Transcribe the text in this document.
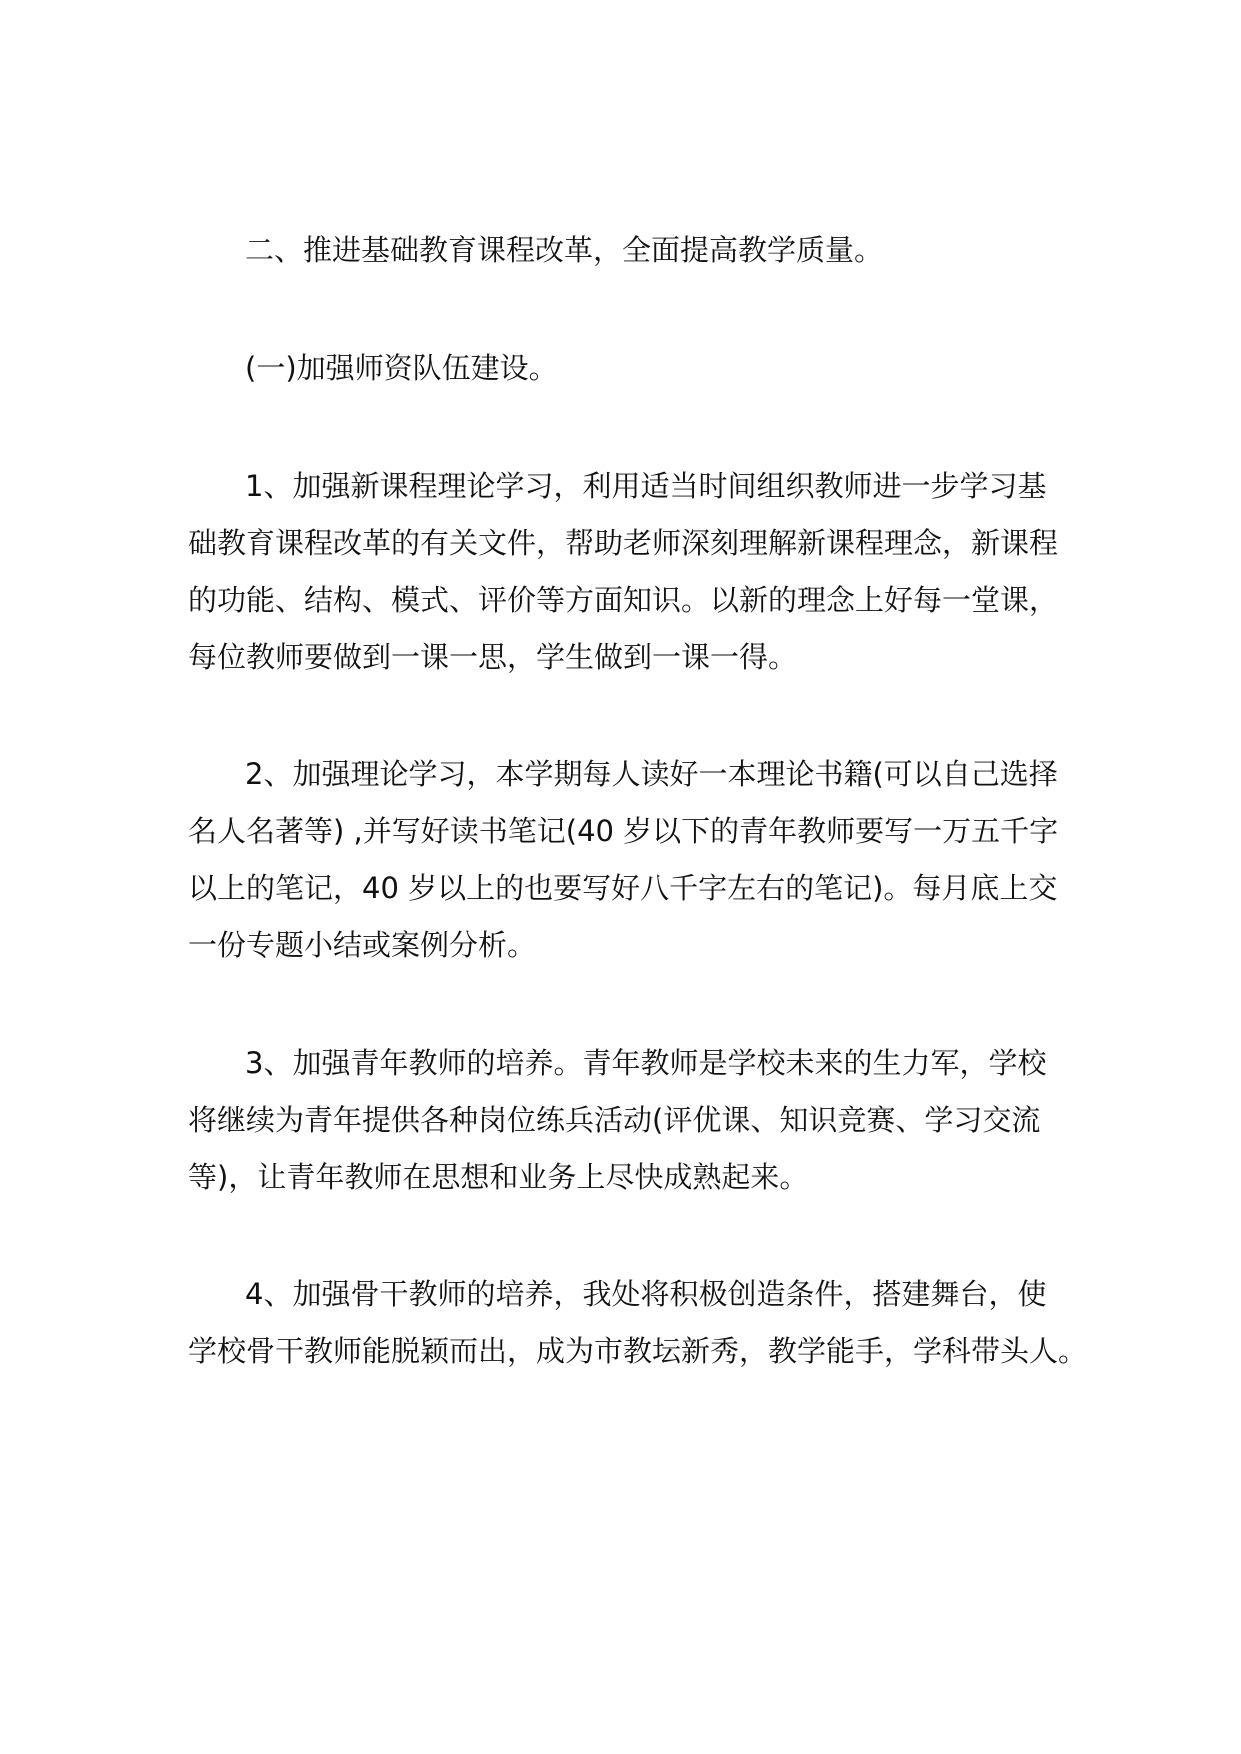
二、推进基础教育课程改革，全面提高教学质量。
(一)加强师资队伍建设。
1、加强新课程理论学习，利用适当时间组织教师进一步学习基
础教育课程改革的有关文件，帮助老师深刻理解新课程理念，新课程
的功能、结构、模式、评价等方面知识。以新的理念上好每一堂课，
每位教师要做到一课一思，学生做到一课一得。
2、加强理论学习，本学期每人读好一本理论书籍(可以自己选择
名人名著等) ,并写好读书笔记(40 岁以下的青年教师要写一万五千字
以上的笔记，40 岁以上的也要写好八千字左右的笔记)。每月底上交
一份专题小结或案例分析。
3、加强青年教师的培养。青年教师是学校未来的生力军，学校
将继续为青年提供各种岗位练兵活动(评优课、知识竞赛、学习交流
等)，让青年教师在思想和业务上尽快成熟起来。
4、加强骨干教师的培养，我处将积极创造条件，搭建舞台，使
学校骨干教师能脱颖而出，成为市教坛新秀，教学能手，学科带头人。
